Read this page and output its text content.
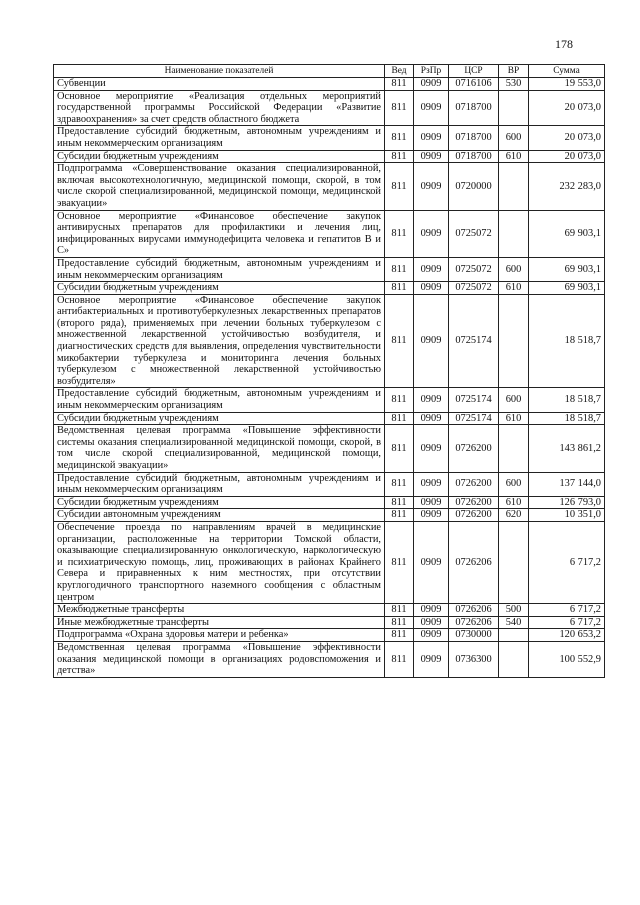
178
Наименование показателей	Вед	РзПр	ЦСР	ВР	Сумма
Субвенции	811	0909	0716106	530	19 553,0
Основное мероприятие «Реализация отдельных мероприятий государственной программы Российской Федерации «Развитие здравоохранения» за счет средств областного бюджета	811	0909	0718700		20 073,0
Предоставление субсидий бюджетным, автономным учреждениям и иным некоммерческим организациям	811	0909	0718700	600	20 073,0
Субсидии бюджетным учреждениям	811	0909	0718700	610	20 073,0
Подпрограмма «Совершенствование оказания специализированной, включая высокотехнологичную, медицинской помощи, скорой, в том числе скорой специализированной, медицинской помощи, медицинской эвакуации»	811	0909	0720000		232 283,0
Основное мероприятие «Финансовое обеспечение закупок антивирусных препаратов для профилактики и лечения лиц, инфицированных вирусами иммунодефицита человека и гепатитов В и С»	811	0909	0725072		69 903,1
Предоставление субсидий бюджетным, автономным учреждениям и иным некоммерческим организациям	811	0909	0725072	600	69 903,1
Субсидии бюджетным учреждениям	811	0909	0725072	610	69 903,1
Основное мероприятие «Финансовое обеспечение закупок антибактериальных и противотуберкулезных лекарственных препаратов (второго ряда), применяемых при лечении больных туберкулезом с множественной лекарственной устойчивостью возбудителя, и диагностических средств для выявления, определения чувствительности микобактерии туберкулеза и мониторинга лечения больных туберкулезом с множественной лекарственной устойчивостью возбудителя»	811	0909	0725174		18 518,7
Предоставление субсидий бюджетным, автономным учреждениям и иным некоммерческим организациям	811	0909	0725174	600	18 518,7
Субсидии бюджетным учреждениям	811	0909	0725174	610	18 518,7
Ведомственная целевая программа «Повышение эффективности системы оказания специализированной медицинской помощи, скорой, в том числе скорой специализированной, медицинской помощи, медицинской эвакуации»	811	0909	0726200		143 861,2
Предоставление субсидий бюджетным, автономным учреждениям и иным некоммерческим организациям	811	0909	0726200	600	137 144,0
Субсидии бюджетным учреждениям	811	0909	0726200	610	126 793,0
Субсидии автономным учреждениям	811	0909	0726200	620	10 351,0
Обеспечение проезда по направлениям врачей в медицинские организации, расположенные на территории Томской области, оказывающие специализированную онкологическую, наркологическую и психиатрическую помощь, лиц, проживающих в районах Крайнего Севера и приравненных к ним местностях, при отсутствии круглогодичного транспортного наземного сообщения с областным центром	811	0909	0726206		6 717,2
Межбюджетные трансферты	811	0909	0726206	500	6 717,2
Иные межбюджетные трансферты	811	0909	0726206	540	6 717,2
Подпрограмма «Охрана здоровья матери и ребенка»	811	0909	0730000		120 653,2
Ведомственная целевая программа «Повышение эффективности оказания медицинской помощи в организациях родовспоможения и детства»	811	0909	0736300		100 552,9
